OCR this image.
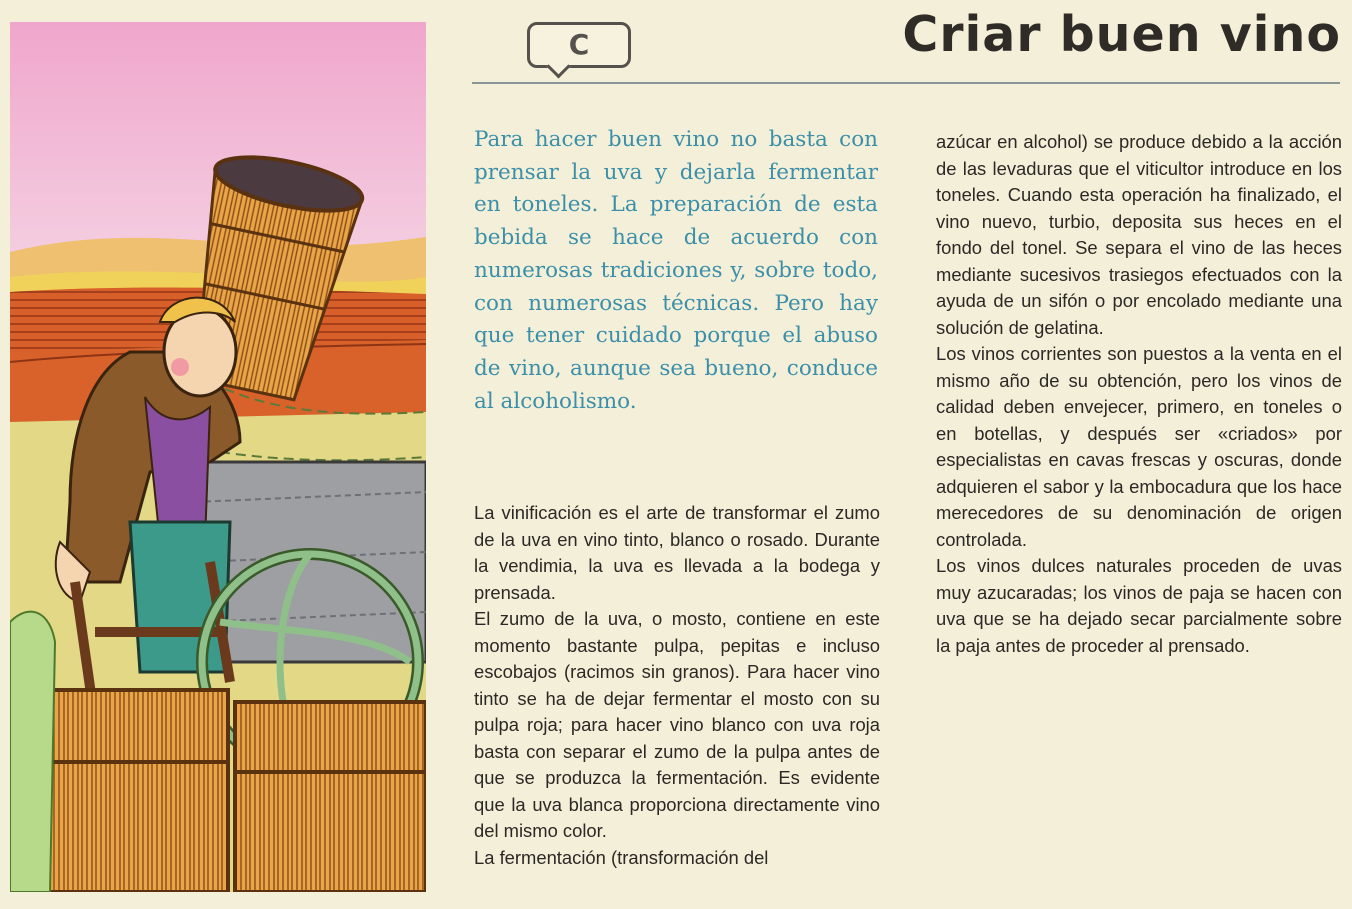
C	Criar buen vino

Para hacer buen vino no basta con prensar la uva y dejarla fermentar en toneles. La preparación de esta bebida se hace de acuerdo con numerosas tradiciones y, sobre todo, con numerosas técnicas. Pero hay que tener cuidado porque el abuso de vino, aunque sea bueno, conduce al alcoholismo.

La vinificación es el arte de transformar el zumo de la uva en vino tinto, blanco o rosado. Durante la vendimia, la uva es llevada a la bodega y prensada.

El zumo de la uva, o mosto, contiene en este momento bastante pulpa, pepitas e incluso escobajos (racimos sin granos). Para hacer vino tinto se ha de dejar fermentar el mosto con su pulpa roja; para hacer vino blanco con uva roja basta con separar el zumo de la pulpa antes de que se produzca la fermentación. Es evidente que la uva blanca proporciona directamente vino del mismo color.

La fermentación (transformación del

azúcar en alcohol) se produce debido a la acción de las levaduras que el viticultor introduce en los toneles. Cuando esta operación ha finalizado, el vino nuevo, turbio, deposita sus heces en el fondo del tonel. Se separa el vino de las heces mediante sucesivos trasiegos efectuados con la ayuda de un sifón o por encolado mediante una solución de gelatina.

Los vinos corrientes son puestos a la venta en el mismo año de su obtención, pero los vinos de calidad deben envejecer, primero, en toneles o en botellas, y después ser «criados» por especialistas en cavas frescas y oscuras, donde adquieren el sabor y la embocadura que los hace merecedores de su denominación de origen controlada.

Los vinos dulces naturales proceden de uvas muy azucaradas; los vinos de paja se hacen con uva que se ha dejado secar parcialmente sobre la paja antes de proceder al prensado.
